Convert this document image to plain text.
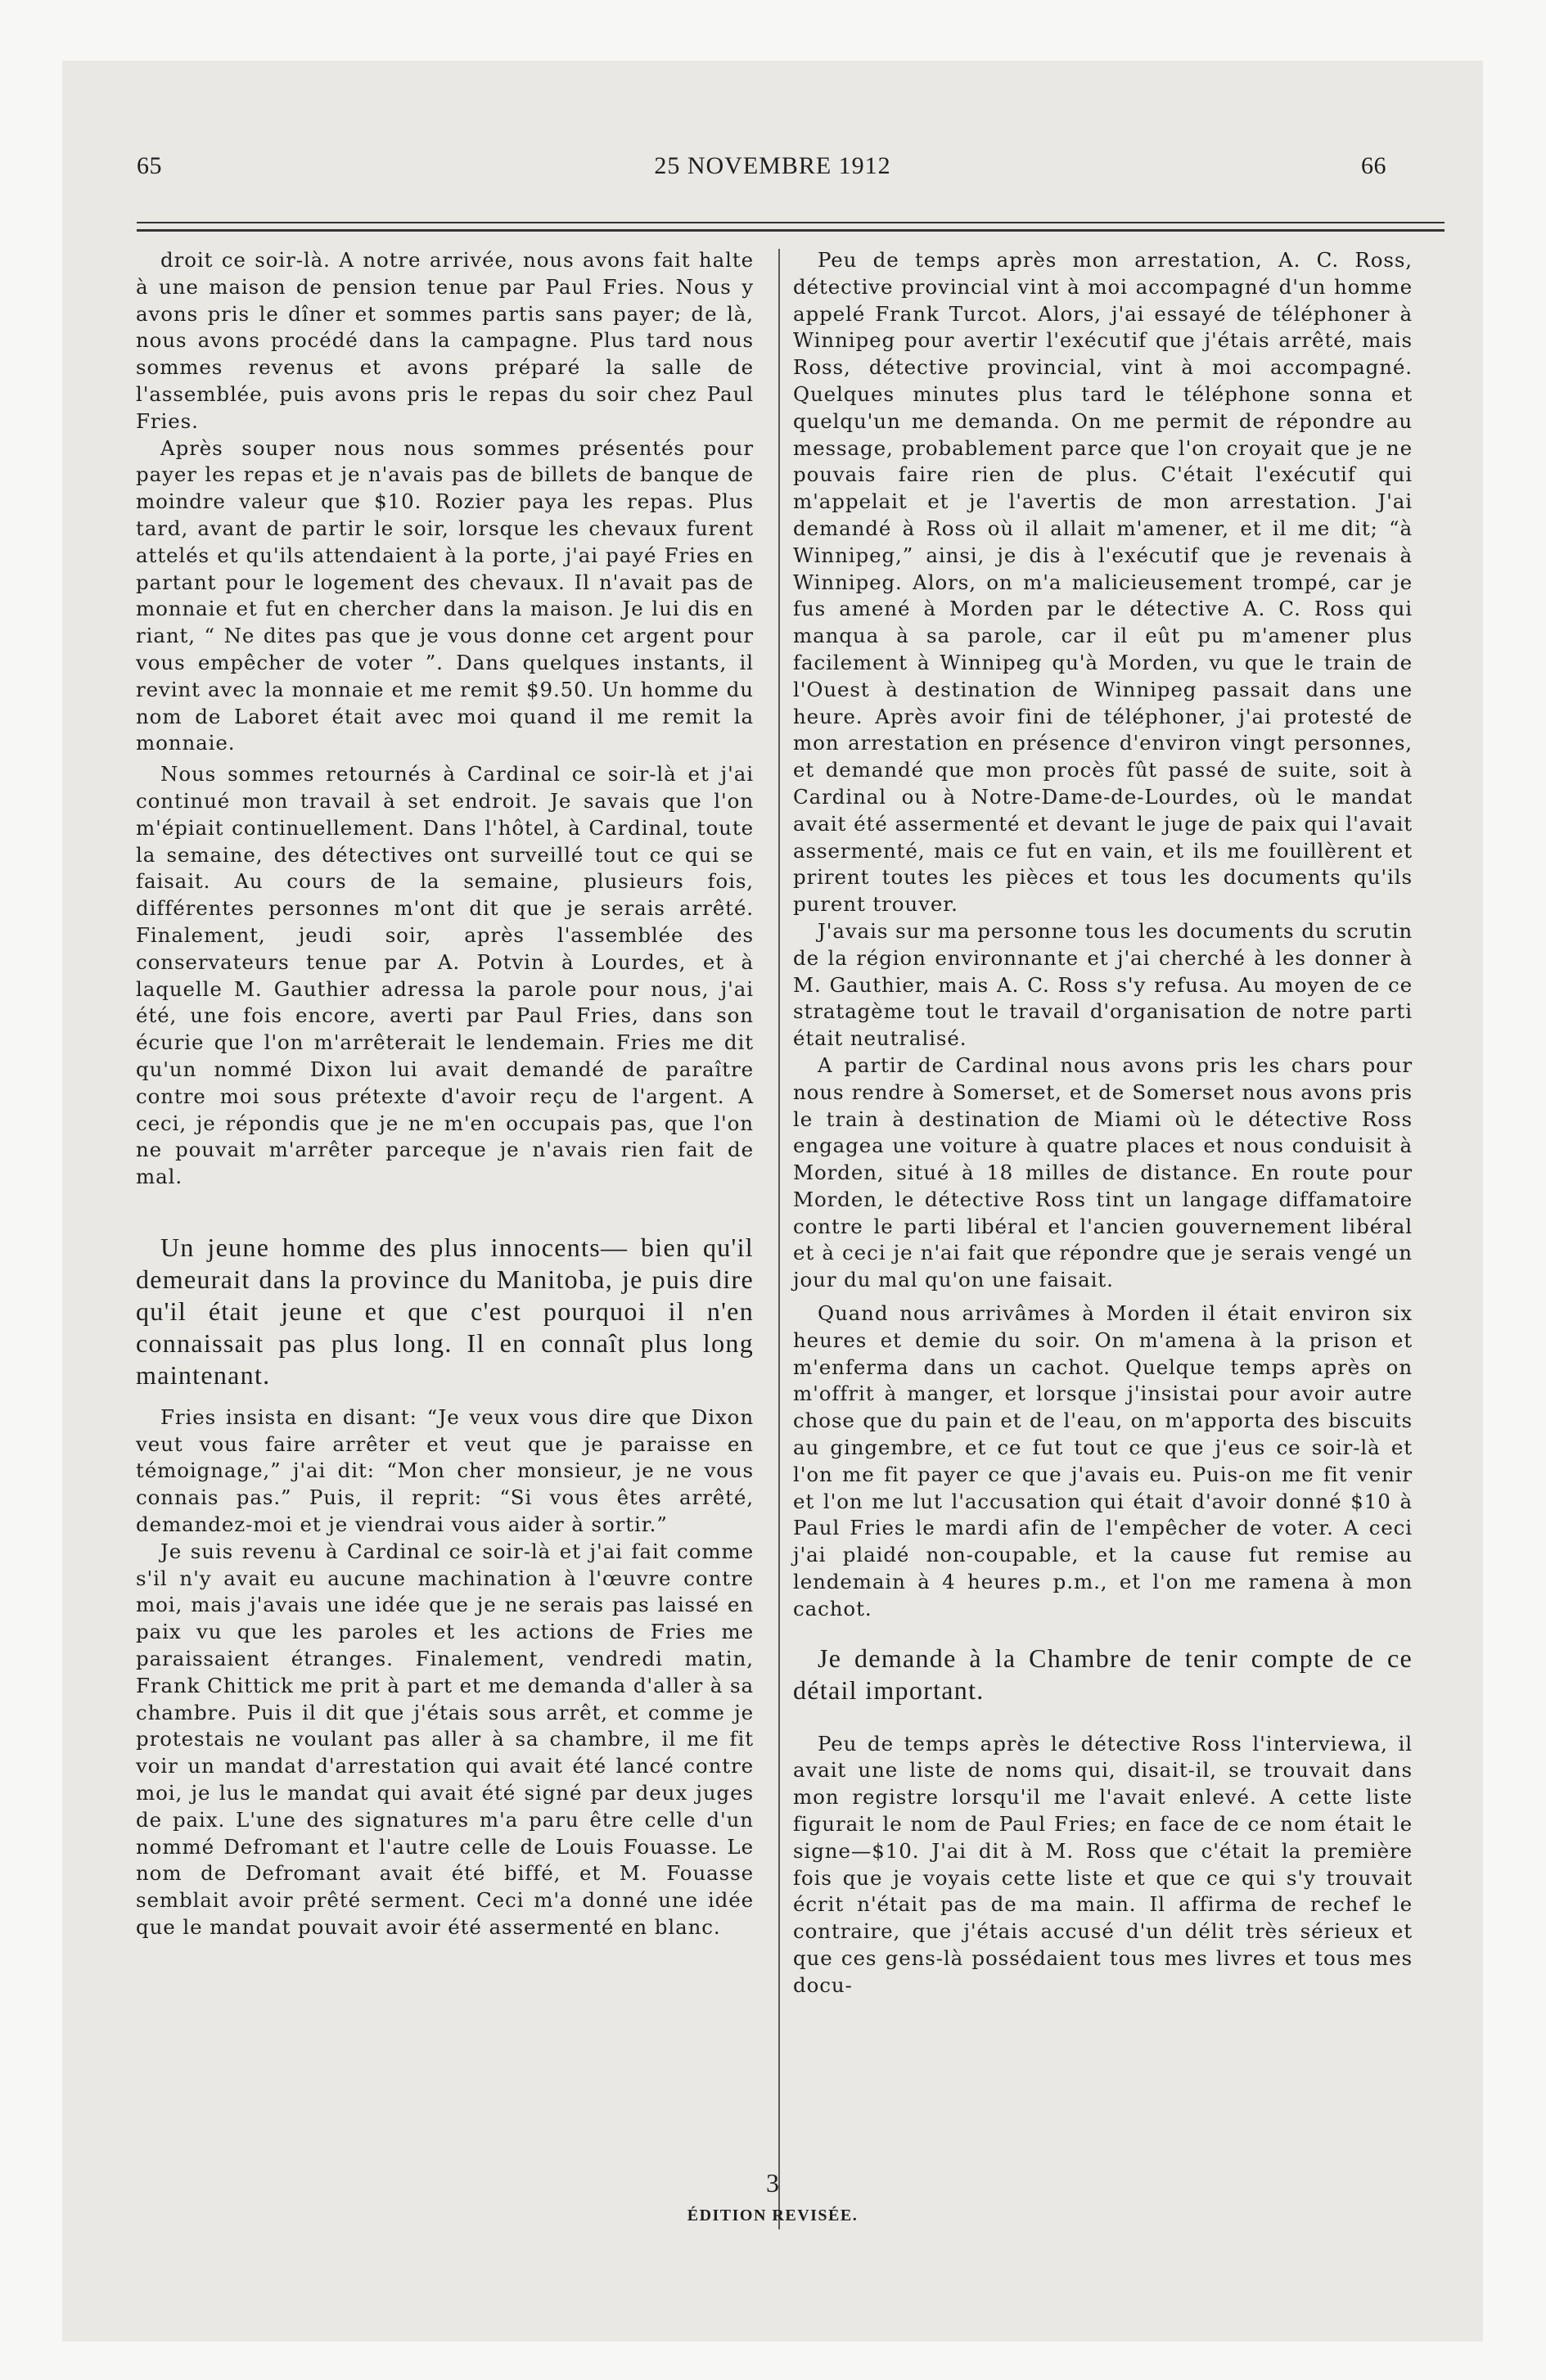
65	25 NOVEMBRE 1912	66

droit ce soir-là. A notre arrivée, nous avons fait halte à une maison de pension tenue par Paul Fries. Nous y avons pris le dîner et sommes partis sans payer; de là, nous avons procédé dans la campagne. Plus tard nous sommes revenus et avons préparé la salle de l'assemblée, puis avons pris le repas du soir chez Paul Fries.

Après souper nous nous sommes présentés pour payer les repas et je n'avais pas de billets de banque de moindre valeur que $10. Rozier paya les repas. Plus tard, avant de partir le soir, lorsque les chevaux furent attelés et qu'ils attendaient à la porte, j'ai payé Fries en partant pour le logement des chevaux. Il n'avait pas de monnaie et fut en chercher dans la maison. Je lui dis en riant, “ Ne dites pas que je vous donne cet argent pour vous empêcher de voter ”. Dans quelques instants, il revint avec la monnaie et me remit $9.50. Un homme du nom de Laboret était avec moi quand il me remit la monnaie.

Nous sommes retournés à Cardinal ce soir-là et j'ai continué mon travail à set endroit. Je savais que l'on m'épiait continuellement. Dans l'hôtel, à Cardinal, toute la semaine, des détectives ont surveillé tout ce qui se faisait. Au cours de la semaine, plusieurs fois, différentes personnes m'ont dit que je serais arrêté. Finalement, jeudi soir, après l'assemblée des conservateurs tenue par A. Potvin à Lourdes, et à laquelle M. Gauthier adressa la parole pour nous, j'ai été, une fois encore, averti par Paul Fries, dans son écurie que l'on m'arrêterait le lendemain. Fries me dit qu'un nommé Dixon lui avait demandé de paraître contre moi sous prétexte d'avoir reçu de l'argent. A ceci, je répondis que je ne m'en occupais pas, que l'on ne pouvait m'arrêter parceque je n'avais rien fait de mal.

Un jeune homme des plus innocents— bien qu'il demeurait dans la province du Manitoba, je puis dire qu'il était jeune et que c'est pourquoi il n'en connaissait pas plus long. Il en connaît plus long maintenant.

Fries insista en disant: “Je veux vous dire que Dixon veut vous faire arrêter et veut que je paraisse en témoignage,” j'ai dit: “Mon cher monsieur, je ne vous connais pas.” Puis, il reprit: “Si vous êtes arrêté, demandez-moi et je viendrai vous aider à sortir.”

Je suis revenu à Cardinal ce soir-là et j'ai fait comme s'il n'y avait eu aucune machination à l'œuvre contre moi, mais j'avais une idée que je ne serais pas laissé en paix vu que les paroles et les actions de Fries me paraissaient étranges. Finalement, vendredi matin, Frank Chittick me prit à part et me demanda d'aller à sa chambre. Puis il dit que j'étais sous arrêt, et comme je protestais ne voulant pas aller à sa chambre, il me fit voir un mandat d'arrestation qui avait été lancé contre moi, je lus le mandat qui avait été signé par deux juges de paix. L'une des signatures m'a paru être celle d'un nommé Defromant et l'autre celle de Louis Fouasse. Le nom de Defromant avait été biffé, et M. Fouasse semblait avoir prêté serment. Ceci m'a donné une idée que le mandat pouvait avoir été assermenté en blanc.

Peu de temps après mon arrestation, A. C. Ross, détective provincial vint à moi accompagné d'un homme appelé Frank Turcot. Alors, j'ai essayé de téléphoner à Winnipeg pour avertir l'exécutif que j'étais arrêté, mais Ross, détective provincial, vint à moi accompagné. Quelques minutes plus tard le téléphone sonna et quelqu'un me demanda. On me permit de répondre au message, probablement parce que l'on croyait que je ne pouvais faire rien de plus. C'était l'exécutif qui m'appelait et je l'avertis de mon arrestation. J'ai demandé à Ross où il allait m'amener, et il me dit; “à Winnipeg,” ainsi, je dis à l'exécutif que je revenais à Winnipeg. Alors, on m'a malicieusement trompé, car je fus amené à Morden par le détective A. C. Ross qui manqua à sa parole, car il eût pu m'amener plus facilement à Winnipeg qu'à Morden, vu que le train de l'Ouest à destination de Winnipeg passait dans une heure. Après avoir fini de téléphoner, j'ai protesté de mon arrestation en présence d'environ vingt personnes, et demandé que mon procès fût passé de suite, soit à Cardinal ou à Notre-Dame-de-Lourdes, où le mandat avait été assermenté et devant le juge de paix qui l'avait assermenté, mais ce fut en vain, et ils me fouillèrent et prirent toutes les pièces et tous les documents qu'ils purent trouver.

J'avais sur ma personne tous les documents du scrutin de la région environnante et j'ai cherché à les donner à M. Gauthier, mais A. C. Ross s'y refusa. Au moyen de ce stratagème tout le travail d'organisation de notre parti était neutralisé.

A partir de Cardinal nous avons pris les chars pour nous rendre à Somerset, et de Somerset nous avons pris le train à destination de Miami où le détective Ross engagea une voiture à quatre places et nous conduisit à Morden, situé à 18 milles de distance. En route pour Morden, le détective Ross tint un langage diffamatoire contre le parti libéral et l'ancien gouvernement libéral et à ceci je n'ai fait que répondre que je serais vengé un jour du mal qu'on une faisait.

Quand nous arrivâmes à Morden il était environ six heures et demie du soir. On m'amena à la prison et m'enferma dans un cachot. Quelque temps après on m'offrit à manger, et lorsque j'insistai pour avoir autre chose que du pain et de l'eau, on m'apporta des biscuits au gingembre, et ce fut tout ce que j'eus ce soir-là et l'on me fit payer ce que j'avais eu. Puis-on me fit venir et l'on me lut l'accusation qui était d'avoir donné $10 à Paul Fries le mardi afin de l'empêcher de voter. A ceci j'ai plaidé non-coupable, et la cause fut remise au lendemain à 4 heures p.m., et l'on me ramena à mon cachot.

Je demande à la Chambre de tenir compte de ce détail important.

Peu de temps après le détective Ross l'interviewa, il avait une liste de noms qui, disait-il, se trouvait dans mon registre lorsqu'il me l'avait enlevé. A cette liste figurait le nom de Paul Fries; en face de ce nom était le signe—$10. J'ai dit à M. Ross que c'était la première fois que je voyais cette liste et que ce qui s'y trouvait écrit n'était pas de ma main. Il affirma de rechef le contraire, que j'étais accusé d'un délit très sérieux et que ces gens-là possédaient tous mes livres et tous mes docu-

3
ÉDITION REVISÉE.
